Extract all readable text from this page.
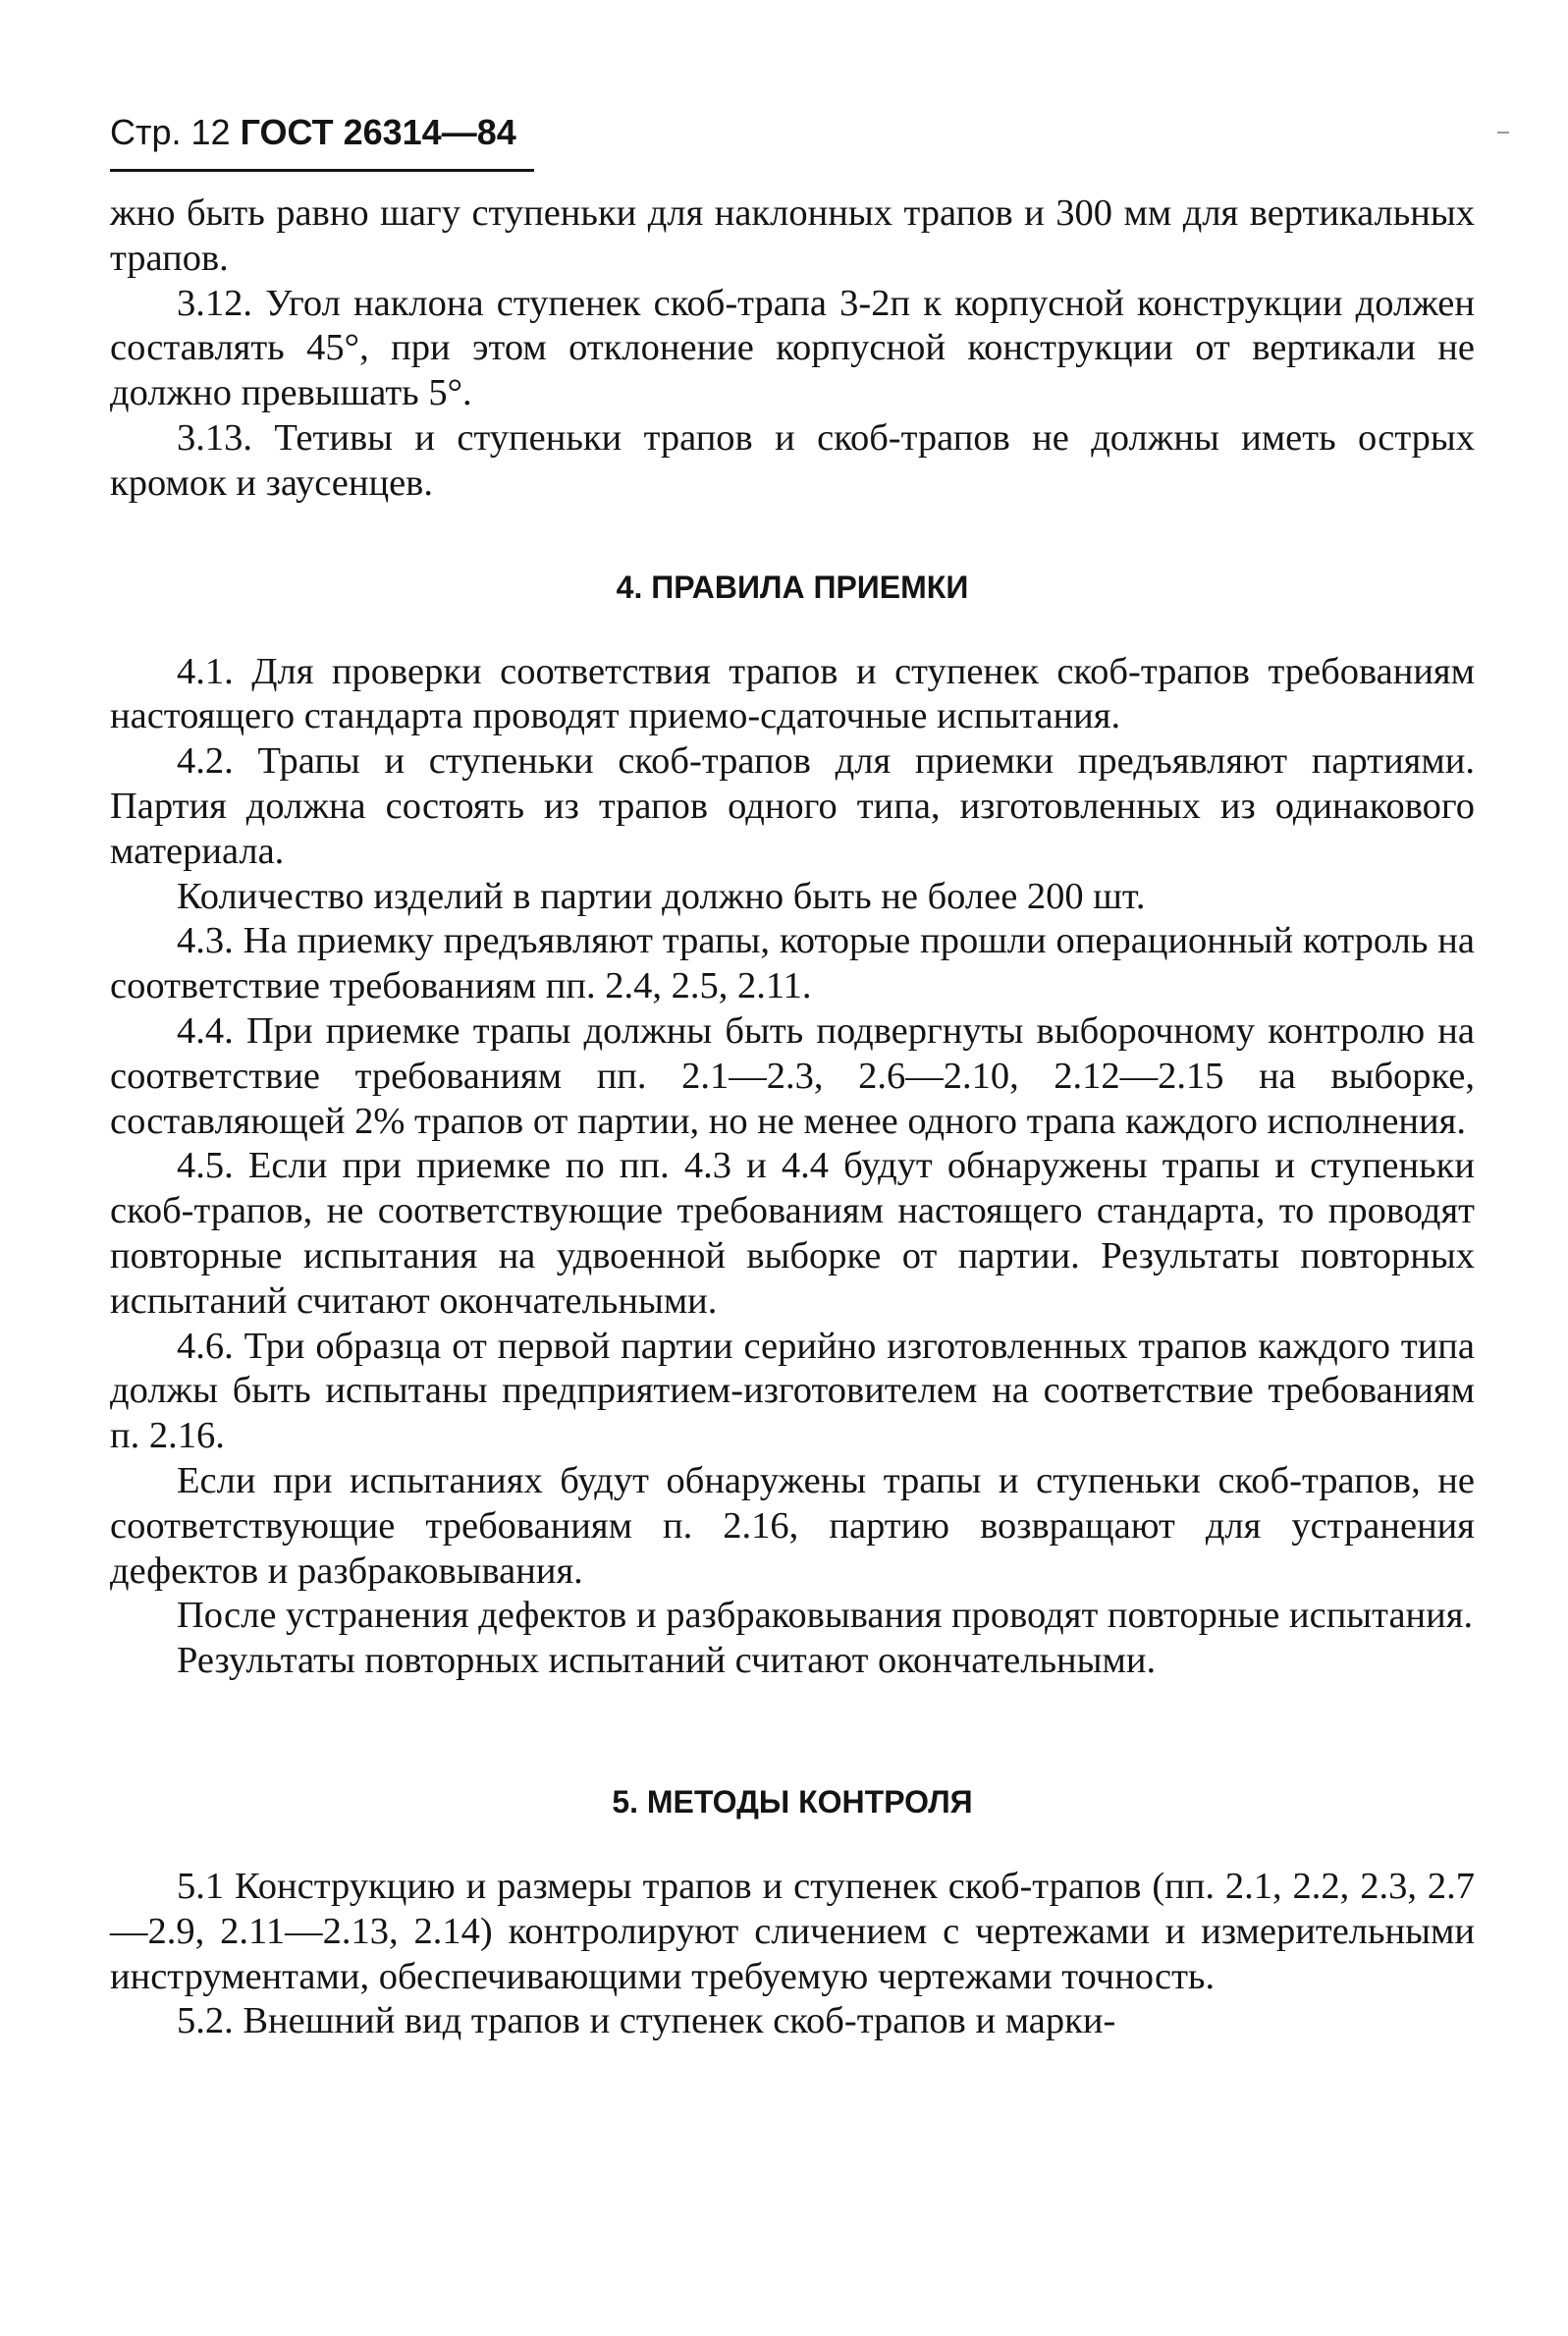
Стр. 12 ГОСТ 26314—84

жно быть равно шагу ступеньки для наклонных трапов и 300 мм для вертикальных трапов.

3.12. Угол наклона ступенек скоб-трапа 3-2п к корпусной конструкции должен составлять 45°, при этом отклонение корпусной конструкции от вертикали не должно превышать 5°.

3.13. Тетивы и ступеньки трапов и скоб-трапов не должны иметь острых кромок и заусенцев.

4. ПРАВИЛА ПРИЕМКИ

4.1. Для проверки соответствия трапов и ступенек скоб-трапов требованиям настоящего стандарта проводят приемо-сдаточные испытания.

4.2. Трапы и ступеньки скоб-трапов для приемки предъявляют партиями. Партия должна состоять из трапов одного типа, изготовленных из одинакового материала.

Количество изделий в партии должно быть не более 200 шт.

4.3. На приемку предъявляют трапы, которые прошли операционный котроль на соответствие требованиям пп. 2.4, 2.5, 2.11.

4.4. При приемке трапы должны быть подвергнуты выборочному контролю на соответствие требованиям пп. 2.1—2.3, 2.6—2.10, 2.12—2.15 на выборке, составляющей 2% трапов от партии, но не менее одного трапа каждого исполнения.

4.5. Если при приемке по пп. 4.3 и 4.4 будут обнаружены трапы и ступеньки скоб-трапов, не соответствующие требованиям настоящего стандарта, то проводят повторные испытания на удвоенной выборке от партии. Результаты повторных испытаний считают окончательными.

4.6. Три образца от первой партии серийно изготовленных трапов каждого типа должы быть испытаны предприятием-изготовителем на соответствие требованиям п. 2.16.

Если при испытаниях будут обнаружены трапы и ступеньки скоб-трапов, не соответствующие требованиям п. 2.16, партию возвращают для устранения дефектов и разбраковывания.

После устранения дефектов и разбраковывания проводят повторные испытания.

Результаты повторных испытаний считают окончательными.

5. МЕТОДЫ КОНТРОЛЯ

5.1 Конструкцию и размеры трапов и ступенек скоб-трапов (пп. 2.1, 2.2, 2.3, 2.7—2.9, 2.11—2.13, 2.14) контролируют сличением с чертежами и измерительными инструментами, обеспечивающими требуемую чертежами точность.

5.2. Внешний вид трапов и ступенек скоб-трапов и марки-
